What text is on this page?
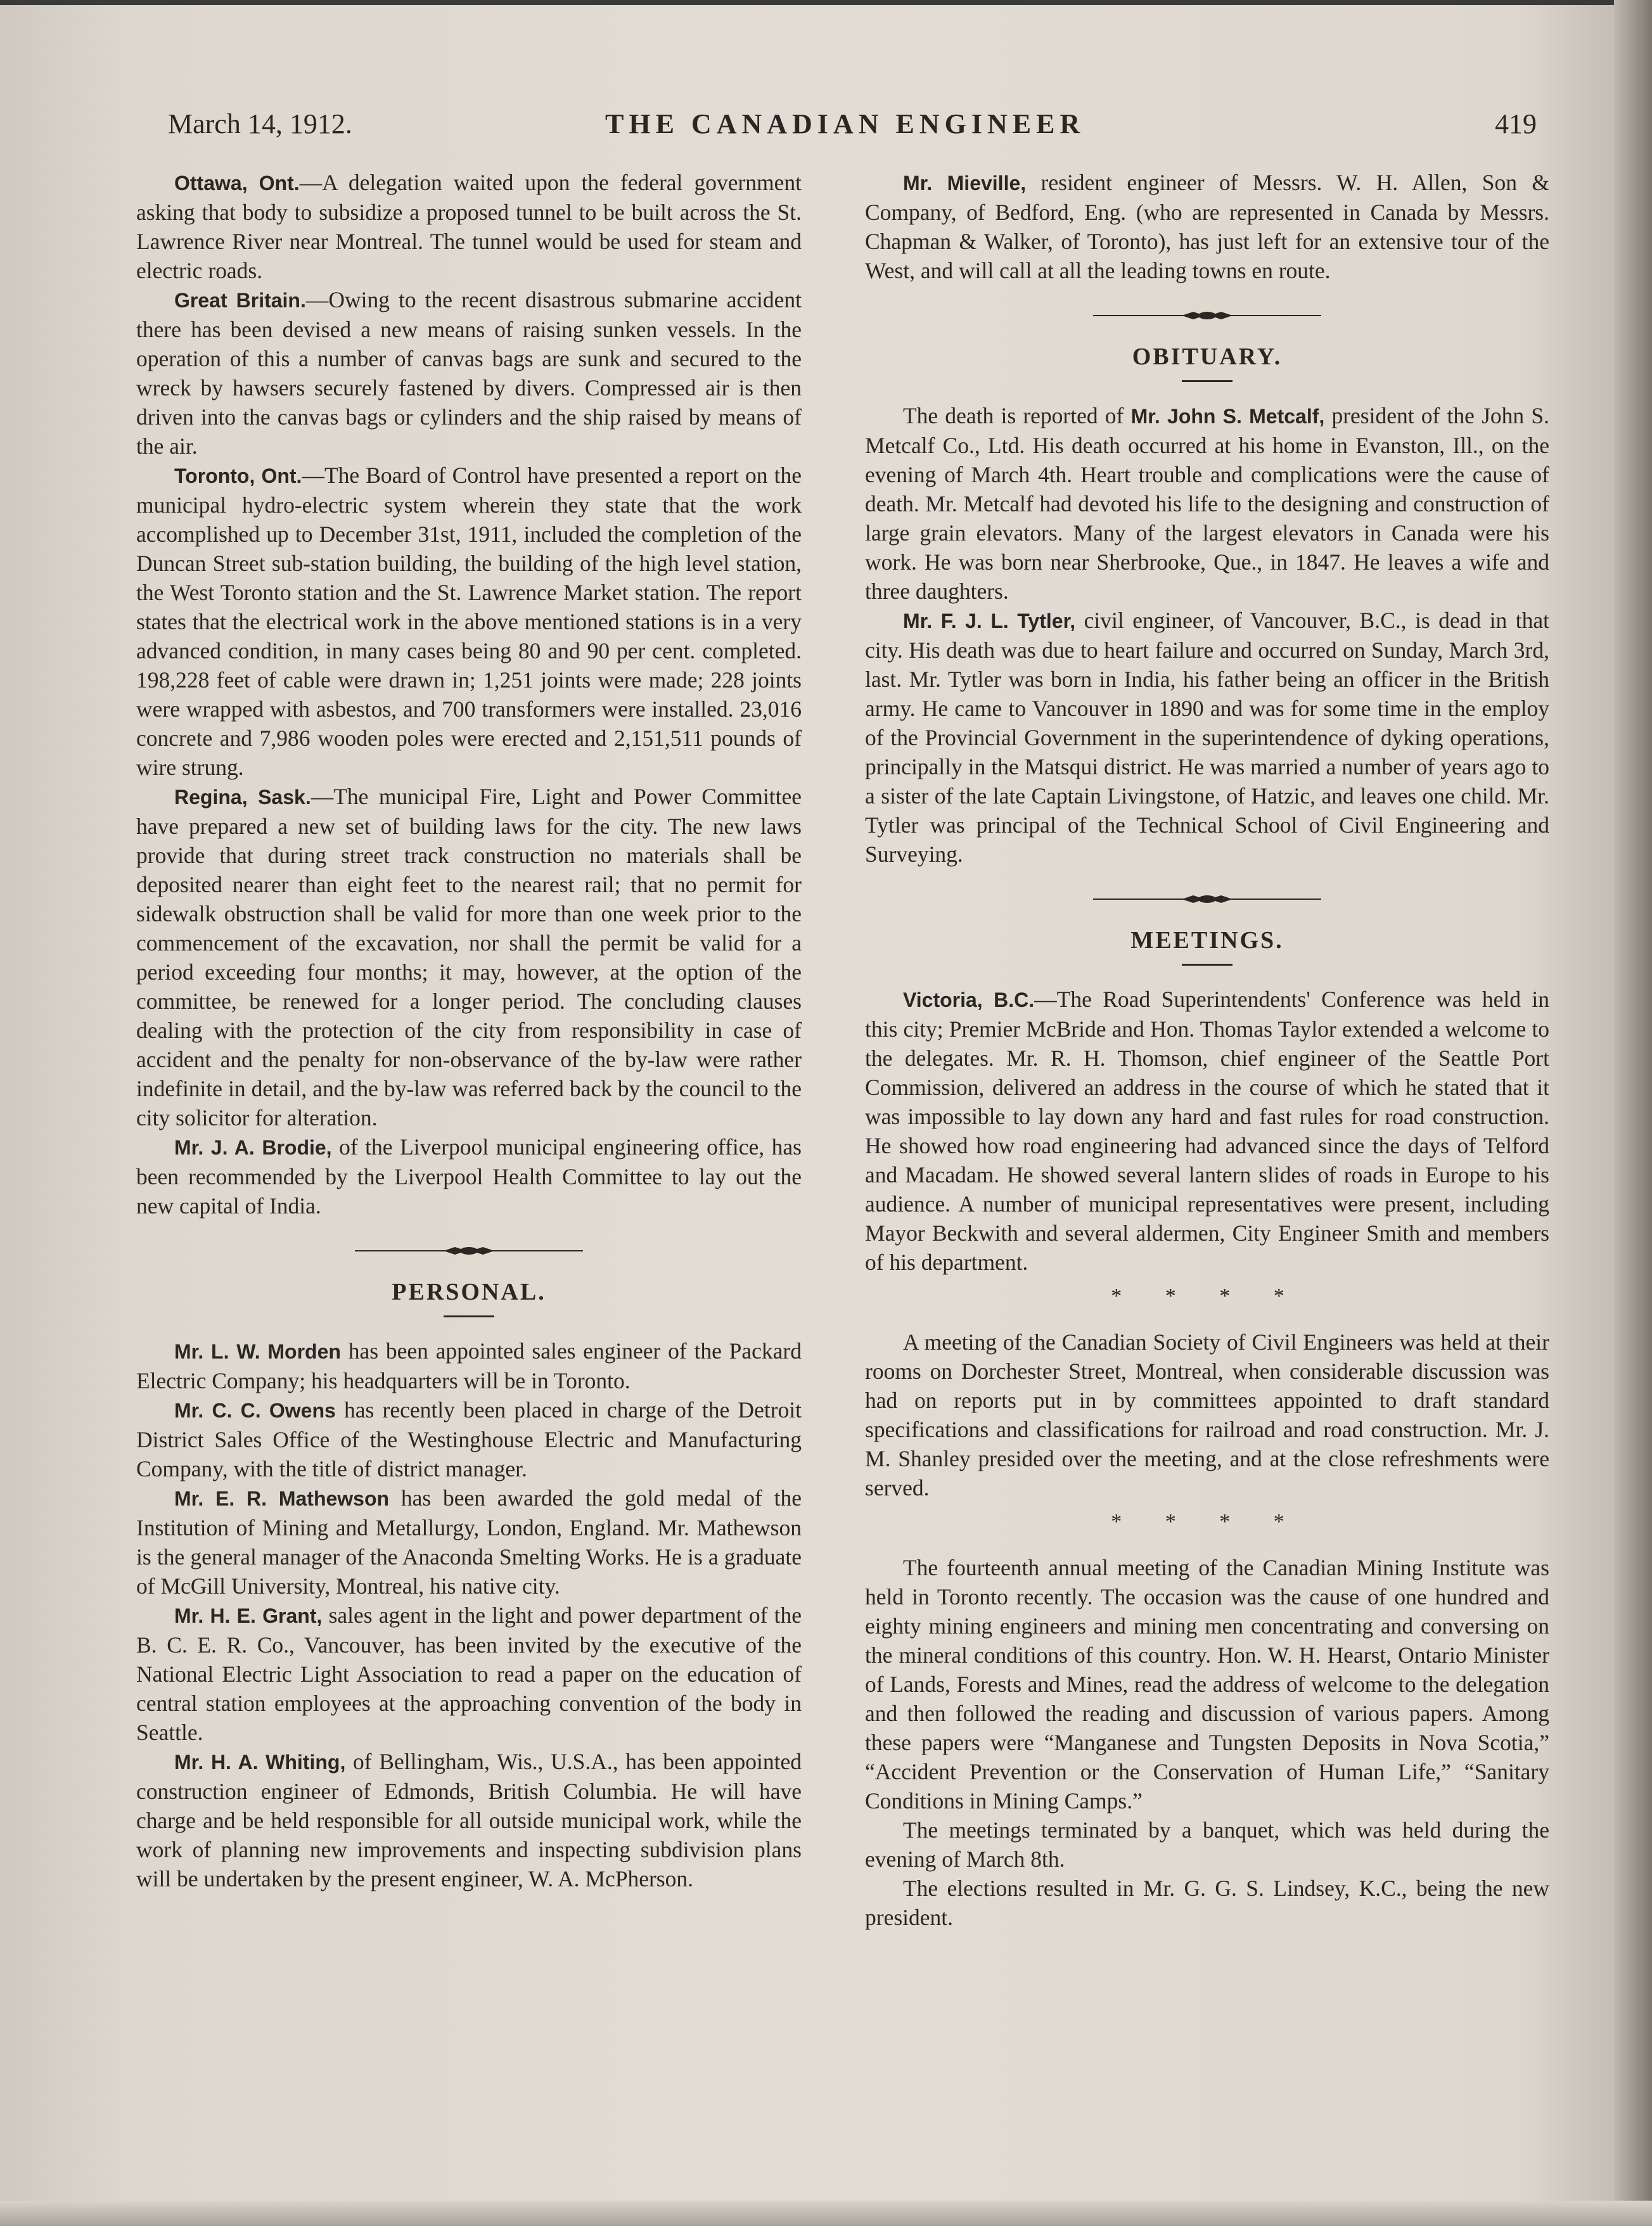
March 14, 1912.	THE CANADIAN ENGINEER	419

Ottawa, Ont.—A delegation waited upon the federal government asking that body to subsidize a proposed tunnel to be built across the St. Lawrence River near Montreal. The tunnel would be used for steam and electric roads.

Great Britain.—Owing to the recent disastrous submarine accident there has been devised a new means of raising sunken vessels. In the operation of this a number of canvas bags are sunk and secured to the wreck by hawsers securely fastened by divers. Compressed air is then driven into the canvas bags or cylinders and the ship raised by means of the air.

Toronto, Ont.—The Board of Control have presented a report on the municipal hydro-electric system wherein they state that the work accomplished up to December 31st, 1911, included the completion of the Duncan Street sub-station building, the building of the high level station, the West Toronto station and the St. Lawrence Market station. The report states that the electrical work in the above mentioned stations is in a very advanced condition, in many cases being 80 and 90 per cent. completed. 198,228 feet of cable were drawn in; 1,251 joints were made; 228 joints were wrapped with asbestos, and 700 transformers were installed. 23,016 concrete and 7,986 wooden poles were erected and 2,151,511 pounds of wire strung.

Regina, Sask.—The municipal Fire, Light and Power Committee have prepared a new set of building laws for the city. The new laws provide that during street track construction no materials shall be deposited nearer than eight feet to the nearest rail; that no permit for sidewalk obstruction shall be valid for more than one week prior to the commencement of the excavation, nor shall the permit be valid for a period exceeding four months; it may, however, at the option of the committee, be renewed for a longer period. The concluding clauses dealing with the protection of the city from responsibility in case of accident and the penalty for non-observance of the by-law were rather indefinite in detail, and the by-law was referred back by the council to the city solicitor for alteration.

Mr. J. A. Brodie, of the Liverpool municipal engineering office, has been recommended by the Liverpool Health Committee to lay out the new capital of India.

PERSONAL.

Mr. L. W. Morden has been appointed sales engineer of the Packard Electric Company; his headquarters will be in Toronto.

Mr. C. C. Owens has recently been placed in charge of the Detroit District Sales Office of the Westinghouse Electric and Manufacturing Company, with the title of district manager.

Mr. E. R. Mathewson has been awarded the gold medal of the Institution of Mining and Metallurgy, London, England. Mr. Mathewson is the general manager of the Anaconda Smelting Works. He is a graduate of McGill University, Montreal, his native city.

Mr. H. E. Grant, sales agent in the light and power department of the B. C. E. R. Co., Vancouver, has been invited by the executive of the National Electric Light Association to read a paper on the education of central station employees at the approaching convention of the body in Seattle.

Mr. H. A. Whiting, of Bellingham, Wis., U.S.A., has been appointed construction engineer of Edmonds, British Columbia. He will have charge and be held responsible for all outside municipal work, while the work of planning new improvements and inspecting subdivision plans will be undertaken by the present engineer, W. A. McPherson.

Mr. Mieville, resident engineer of Messrs. W. H. Allen, Son & Company, of Bedford, Eng. (who are represented in Canada by Messrs. Chapman & Walker, of Toronto), has just left for an extensive tour of the West, and will call at all the leading towns en route.

OBITUARY.

The death is reported of Mr. John S. Metcalf, president of the John S. Metcalf Co., Ltd. His death occurred at his home in Evanston, Ill., on the evening of March 4th. Heart trouble and complications were the cause of death. Mr. Metcalf had devoted his life to the designing and construction of large grain elevators. Many of the largest elevators in Canada were his work. He was born near Sherbrooke, Que., in 1847. He leaves a wife and three daughters.

Mr. F. J. L. Tytler, civil engineer, of Vancouver, B.C., is dead in that city. His death was due to heart failure and occurred on Sunday, March 3rd, last. Mr. Tytler was born in India, his father being an officer in the British army. He came to Vancouver in 1890 and was for some time in the employ of the Provincial Government in the superintendence of dyking operations, principally in the Matsqui district. He was married a number of years ago to a sister of the late Captain Livingstone, of Hatzic, and leaves one child. Mr. Tytler was principal of the Technical School of Civil Engineering and Surveying.

MEETINGS.

Victoria, B.C.—The Road Superintendents' Conference was held in this city; Premier McBride and Hon. Thomas Taylor extended a welcome to the delegates. Mr. R. H. Thomson, chief engineer of the Seattle Port Commission, delivered an address in the course of which he stated that it was impossible to lay down any hard and fast rules for road construction. He showed how road engineering had advanced since the days of Telford and Macadam. He showed several lantern slides of roads in Europe to his audience. A number of municipal representatives were present, including Mayor Beckwith and several aldermen, City Engineer Smith and members of his department.

* * * *

A meeting of the Canadian Society of Civil Engineers was held at their rooms on Dorchester Street, Montreal, when considerable discussion was had on reports put in by committees appointed to draft standard specifications and classifications for railroad and road construction. Mr. J. M. Shanley presided over the meeting, and at the close refreshments were served.

* * * *

The fourteenth annual meeting of the Canadian Mining Institute was held in Toronto recently. The occasion was the cause of one hundred and eighty mining engineers and mining men concentrating and conversing on the mineral conditions of this country. Hon. W. H. Hearst, Ontario Minister of Lands, Forests and Mines, read the address of welcome to the delegation and then followed the reading and discussion of various papers. Among these papers were “Manganese and Tungsten Deposits in Nova Scotia,” “Accident Prevention or the Conservation of Human Life,” “Sanitary Conditions in Mining Camps.”

The meetings terminated by a banquet, which was held during the evening of March 8th.

The elections resulted in Mr. G. G. S. Lindsey, K.C., being the new president.
